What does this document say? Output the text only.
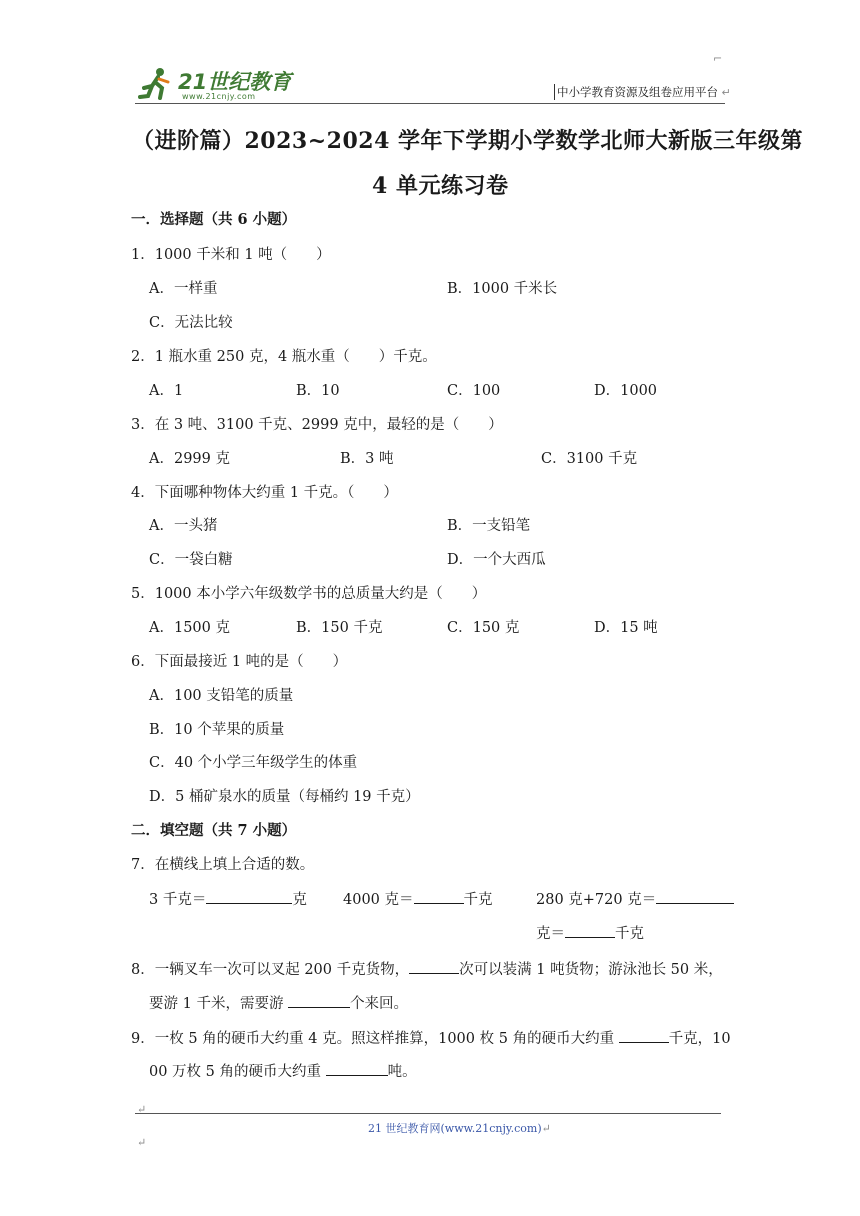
⌐
21世纪教育
www.21cnjy.com	中小学教育资源及组卷应用平台 ↵
（进阶篇）2023~2024 学年下学期小学数学北师大新版三年级第
4 单元练习卷
一．选择题（共 6 小题）
1．1000 千米和 1 吨（　　）
A．一样重	B．1000 千米长
C．无法比较
2．1 瓶水重 250 克，4 瓶水重（　　）千克。
A．1	B．10	C．100	D．1000
3．在 3 吨、3100 千克、2999 克中，最轻的是（　　）
A．2999 克	B．3 吨	C．3100 千克
4．下面哪种物体大约重 1 千克。（　　）
A．一头猪	B．一支铅笔
C．一袋白糖	D．一个大西瓜
5．1000 本小学六年级数学书的总质量大约是（　　）
A．1500 克	B．150 千克	C．150 克	D．15 吨
6．下面最接近 1 吨的是（　　）
A．100 支铅笔的质量
B．10 个苹果的质量
C．40 个小学三年级学生的体重
D．5 桶矿泉水的质量（每桶约 19 千克）
二．填空题（共 7 小题）
7．在横线上填上合适的数。
3 千克＝	克 4000 克＝	千克	280 克+720 克＝
克＝	千克
8．一辆叉车一次可以叉起 200 千克货物，	次可以装满 1 吨货物；游泳池长 50 米，
要游 1 千米，需要游	个来回。
9．一枚 5 角的硬币大约重 4 克。照这样推算，1000 枚 5 角的硬币大约重	千克，10
00 万枚 5 角的硬币大约重	吨。
↵
21 世纪教育网(www.21cnjy.com)↵
↵
